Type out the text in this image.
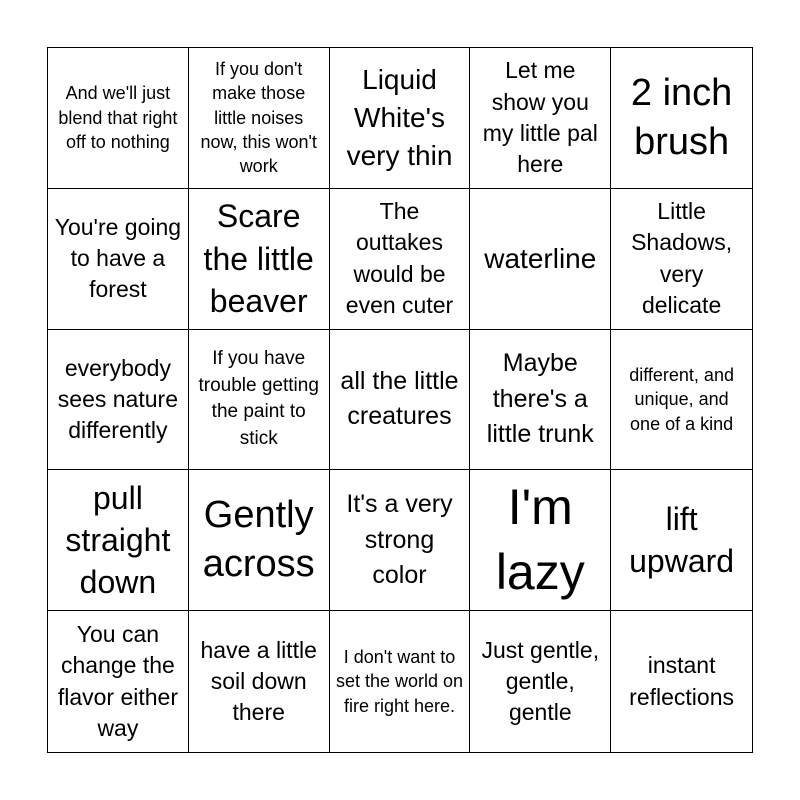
And we'll just blend that right off to nothing
If you don't make those little noises now, this won't work
Liquid White's very thin
Let me show you my little pal here
2 inch brush
You're going to have a forest
Scare the little beaver
The outtakes would be even cuter
waterline
Little Shadows, very delicate
everybody sees nature differently
If you have trouble getting the paint to stick
all the little creatures
Maybe there's a little trunk
different, and unique, and one of a kind
pull straight down
Gently across
It's a very strong color
I'm lazy
lift upward
You can change the flavor either way
have a little soil down there
I don't want to set the world on fire right here.
Just gentle, gentle, gentle
instant reflections
